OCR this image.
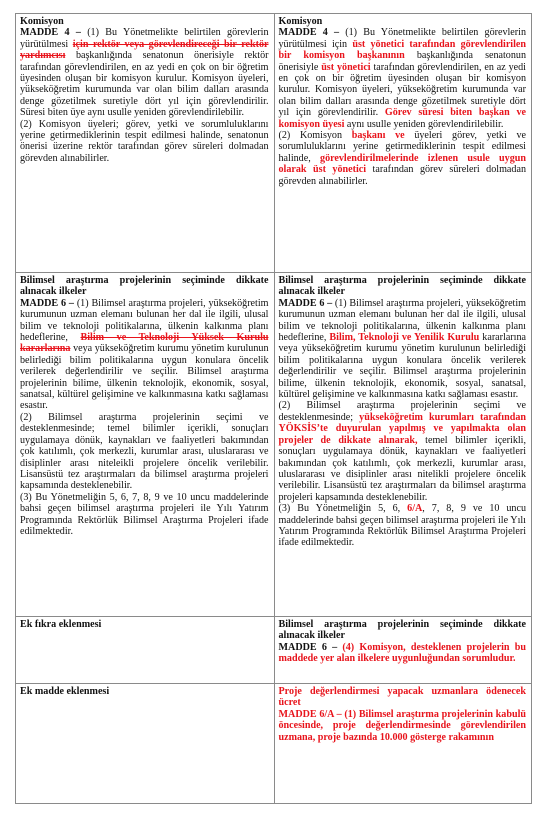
Komisyon

MADDE 4 – (1) Bu Yönetmelikte belirtilen görevlerin yürütülmesi için rektör veya görevlendireceği bir rektör yardımcısı başkanlığında senatonun önerisiyle rektör tarafından görevlendirilen, en az yedi en çok on bir öğretim üyesinden oluşan bir komisyon kurulur. Komisyon üyeleri, yükseköğretim kurumunda var olan bilim dalları arasında denge gözetilmek suretiyle dört yıl için görevlendirilir. Süresi biten üye aynı usulle yeniden görevlendirilebilir.

(2) Komisyon üyeleri; görev, yetki ve sorumluluklarını yerine getirmediklerinin tespit edilmesi halinde, senatonun önerisi üzerine rektör tarafından görev süreleri dolmadan görevden alınabilirler.

Komisyon

MADDE 4 – (1) Bu Yönetmelikte belirtilen görevlerin yürütülmesi için üst yönetici tarafından görevlendirilen bir komisyon başkanının başkanlığında senatonun önerisiyle üst yönetici tarafından görevlendirilen, en az yedi en çok on bir öğretim üyesinden oluşan bir komisyon kurulur. Komisyon üyeleri, yükseköğretim kurumunda var olan bilim dalları arasında denge gözetilmek suretiyle dört yıl için görevlendirilir. Görev süresi biten başkan ve komisyon üyesi aynı usulle yeniden görevlendirilebilir.

(2) Komisyon başkanı ve üyeleri görev, yetki ve sorumluluklarını yerine getirmediklerinin tespit edilmesi halinde, görevlendirilmelerinde izlenen usule uygun olarak üst yönetici tarafından görev süreleri dolmadan görevden alınabilirler.

Bilimsel araştırma projelerinin seçiminde dikkate alınacak ilkeler

MADDE 6 – (1) Bilimsel araştırma projeleri, yükseköğretim kurumunun uzman elemanı bulunan her dal ile ilgili, ulusal bilim ve teknoloji politikalarına, ülkenin kalkınma planı hedeflerine, Bilim ve Teknoloji Yüksek Kurulu kararlarına veya yükseköğretim kurumu yönetim kurulunun belirlediği bilim politikalarına uygun konulara öncelik verilerek değerlendirilir ve seçilir. Bilimsel araştırma projelerinin bilime, ülkenin teknolojik, ekonomik, sosyal, sanatsal, kültürel gelişimine ve kalkınmasına katkı sağlaması esastır.

(2) Bilimsel araştırma projelerinin seçimi ve desteklenmesinde; temel bilimler içerikli, sonuçları uygulamaya dönük, kaynakları ve faaliyetleri bakımından çok katılımlı, çok merkezli, kurumlar arası, uluslararası ve disiplinler arası niteleikli projelere öncelik verilebilir. Lisansüstü tez araştırmaları da bilimsel araştırma projeleri kapsamında desteklenebilir.

(3) Bu Yönetmeliğin 5, 6, 7, 8, 9 ve 10 uncu maddelerinde bahsi geçen bilimsel araştırma projeleri ile Yılı Yatırım Programında Rektörlük Bilimsel Araştırma Projeleri ifade edilmektedir.

Bilimsel araştırma projelerinin seçiminde dikkate alınacak ilkeler

MADDE 6 – (1) Bilimsel araştırma projeleri, yükseköğretim kurumunun uzman elemanı bulunan her dal ile ilgili, ulusal bilim ve teknoloji politikalarına, ülkenin kalkınma planı hedeflerine, Bilim, Teknoloji ve Yenilik Kurulu kararlarına veya yükseköğretim kurumu yönetim kurulunun belirlediği bilim politikalarına uygun konulara öncelik verilerek değerlendirilir ve seçilir. Bilimsel araştırma projelerinin bilime, ülkenin teknolojik, ekonomik, sosyal, sanatsal, kültürel gelişimine ve kalkınmasına katkı sağlaması esastır.

(2) Bilimsel araştırma projelerinin seçimi ve desteklenmesinde; yükseköğretim kurumları tarafından YÖKSİS’te duyurulan yapılmış ve yapılmakta olan projeler de dikkate alınarak, temel bilimler içerikli, sonuçları uygulamaya dönük, kaynakları ve faaliyetleri bakımından çok katılımlı, çok merkezli, kurumlar arası, uluslararası ve disiplinler arası nitelikli projelere öncelik verilebilir. Lisansüstü tez araştırmaları da bilimsel araştırma projeleri kapsamında desteklenebilir.

(3) Bu Yönetmeliğin 5, 6, 6/A, 7, 8, 9 ve 10 uncu maddelerinde bahsi geçen bilimsel araştırma projeleri ile Yılı Yatırım Programında Rektörlük Bilimsel Araştırma Projeleri ifade edilmektedir.

Ek fıkra eklenmesi	Bilimsel araştırma projelerinin seçiminde dikkate alınacak ilkeler

MADDE 6 – (4) Komisyon, desteklenen projelerin bu maddede yer alan ilkelere uygunluğundan sorumludur.

Ek madde eklenmesi	Proje değerlendirmesi yapacak uzmanlara ödenecek ücret

MADDE 6/A – (1) Bilimsel araştırma projelerinin kabulü öncesinde, proje değerlendirmesinde görevlendirilen uzmana, proje bazında 10.000 gösterge rakamının
